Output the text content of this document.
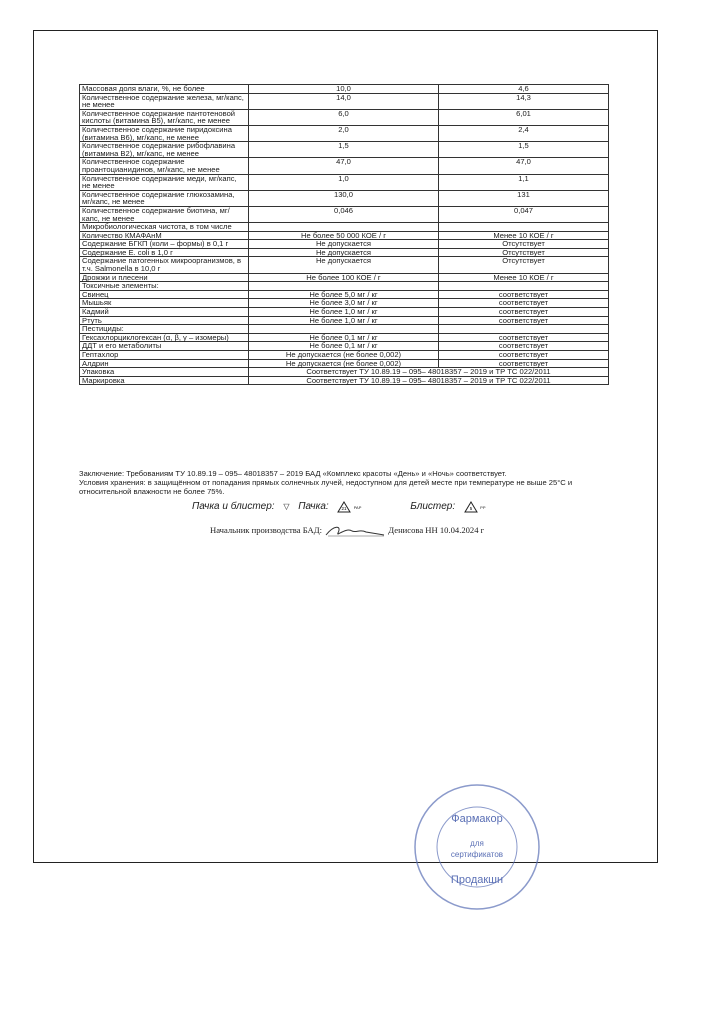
Массовая доля влаги, %, не более	10,0	4,6
Количественное содержание железа, мг/капс, не менее	14,0	14,3
Количественное содержание пантотеновой кислоты (витамина В5), мг/капс, не менее	6,0	6,01
Количественное содержание пиридоксина (витамина В6), мг/капс, не менее	2,0	2,4
Количественное содержание рибофлавина (витамина В2), мг/капс, не менее	1,5	1,5
Количественное содержание проантоцианидинов, мг/капс, не менее	47,0	47,0
Количественное содержание меди, мг/капс, не менее	1,0	1,1
Количественное содержание глюкозамина, мг/капс, не менее	130,0	131
Количественное содержание биотина, мг/капс, не менее	0,046	0,047
Микробиологическая чистота, в том числе		
Количество КМАФАнМ	Не более 50 000 КОЕ / г	Менее 10 КОЕ / г
Содержание БГКП (коли – формы) в 0,1 г	Не допускается	Отсутствует
Содержание E. coli в 1,0 г	Не допускается	Отсутствует
Содержание патогенных микроорганизмов, в т.ч. Salmonella в 10,0 г	Не допускается	Отсутствует
Дрожжи и плесени	Не более 100 КОЕ / г	Менее 10 КОЕ / г
Токсичные элементы:		
Свинец	Не более 5,0 мг / кг	соответствует
Мышьяк	Не более 3,0 мг / кг	соответствует
Кадмий	Не более 1,0 мг / кг	соответствует
Ртуть	Не более 1,0 мг / кг	соответствует
Пестициды:		
Гексахлорциклогексан (α, β, γ – изомеры)	Не более 0,1 мг / кг	соответствует
ДДТ и его метаболиты	Не более 0,1 мг / кг	соответствует
Гептахлор	Не допускается (не более 0,002)	соответствует
Алдрин	Не допускается (не более 0,002)	соответствует
Упаковка	Соответствует ТУ 10.89.19 – 095– 48018357 – 2019 и ТР ТС 022/2011	
Маркировка	Соответствует ТУ 10.89.19 – 095– 48018357 – 2019 и ТР ТС 022/2011	
Заключение: Требованиям ТУ 10.89.19 – 095– 48018357 – 2019 БАД «Комплекс красоты «День» и «Ночь» соответствует.
Условия хранения: в защищённом от попадания прямых солнечных лучей, недоступном для детей месте при температуре не выше 25°С и относительной влажности не более 75%.
Пачка и блистер: ▽ Пачка:	21 PAP	Блистер:	5 PP
Начальник производства БАД:	Денисова НН 10.04.2024 г
Фармакор
для
сертификатов
Продакшн
